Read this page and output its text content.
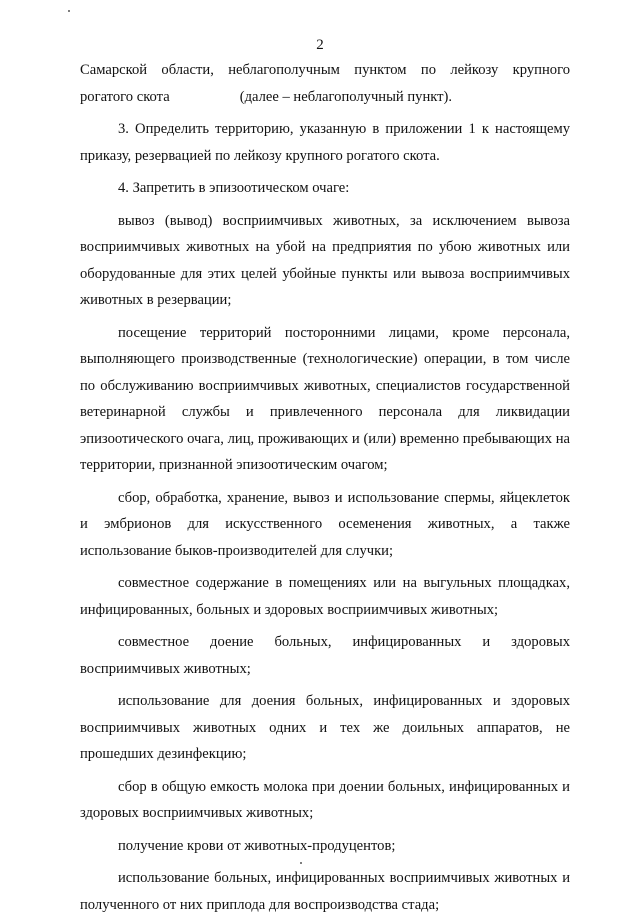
2
Самарской области, неблагополучным пунктом по лейкозу крупного
рогатого скота	(далее – неблагополучный пункт).

3. Определить территорию, указанную в приложении 1 к настоящему приказу, резервацией по лейкозу крупного рогатого скота.

4. Запретить в эпизоотическом очаге:

вывоз (вывод) восприимчивых животных, за исключением вывоза восприимчивых животных на убой на предприятия по убою животных или оборудованные для этих целей убойные пункты или вывоза восприимчивых животных в резервации;

посещение территорий посторонними лицами, кроме персонала, выполняющего производственные (технологические) операции, в том числе по обслуживанию восприимчивых животных, специалистов государственной ветеринарной службы и привлеченного персонала для ликвидации эпизоотического очага, лиц, проживающих и (или) временно пребывающих на территории, признанной эпизоотическим очагом;

сбор, обработка, хранение, вывоз и использование спермы, яйцеклеток и эмбрионов для искусственного осеменения животных, а также использование быков-производителей для случки;

совместное содержание в помещениях или на выгульных площадках, инфицированных, больных и здоровых восприимчивых животных;

совместное доение больных, инфицированных и здоровых восприимчивых животных;

использование для доения больных, инфицированных и здоровых восприимчивых животных одних и тех же доильных аппаратов, не прошедших дезинфекцию;

сбор в общую емкость молока при доении больных, инфицированных и здоровых восприимчивых животных;

получение крови от животных-продуцентов;

использование больных, инфицированных восприимчивых животных и полученного от них приплода для воспроизводства стада;
